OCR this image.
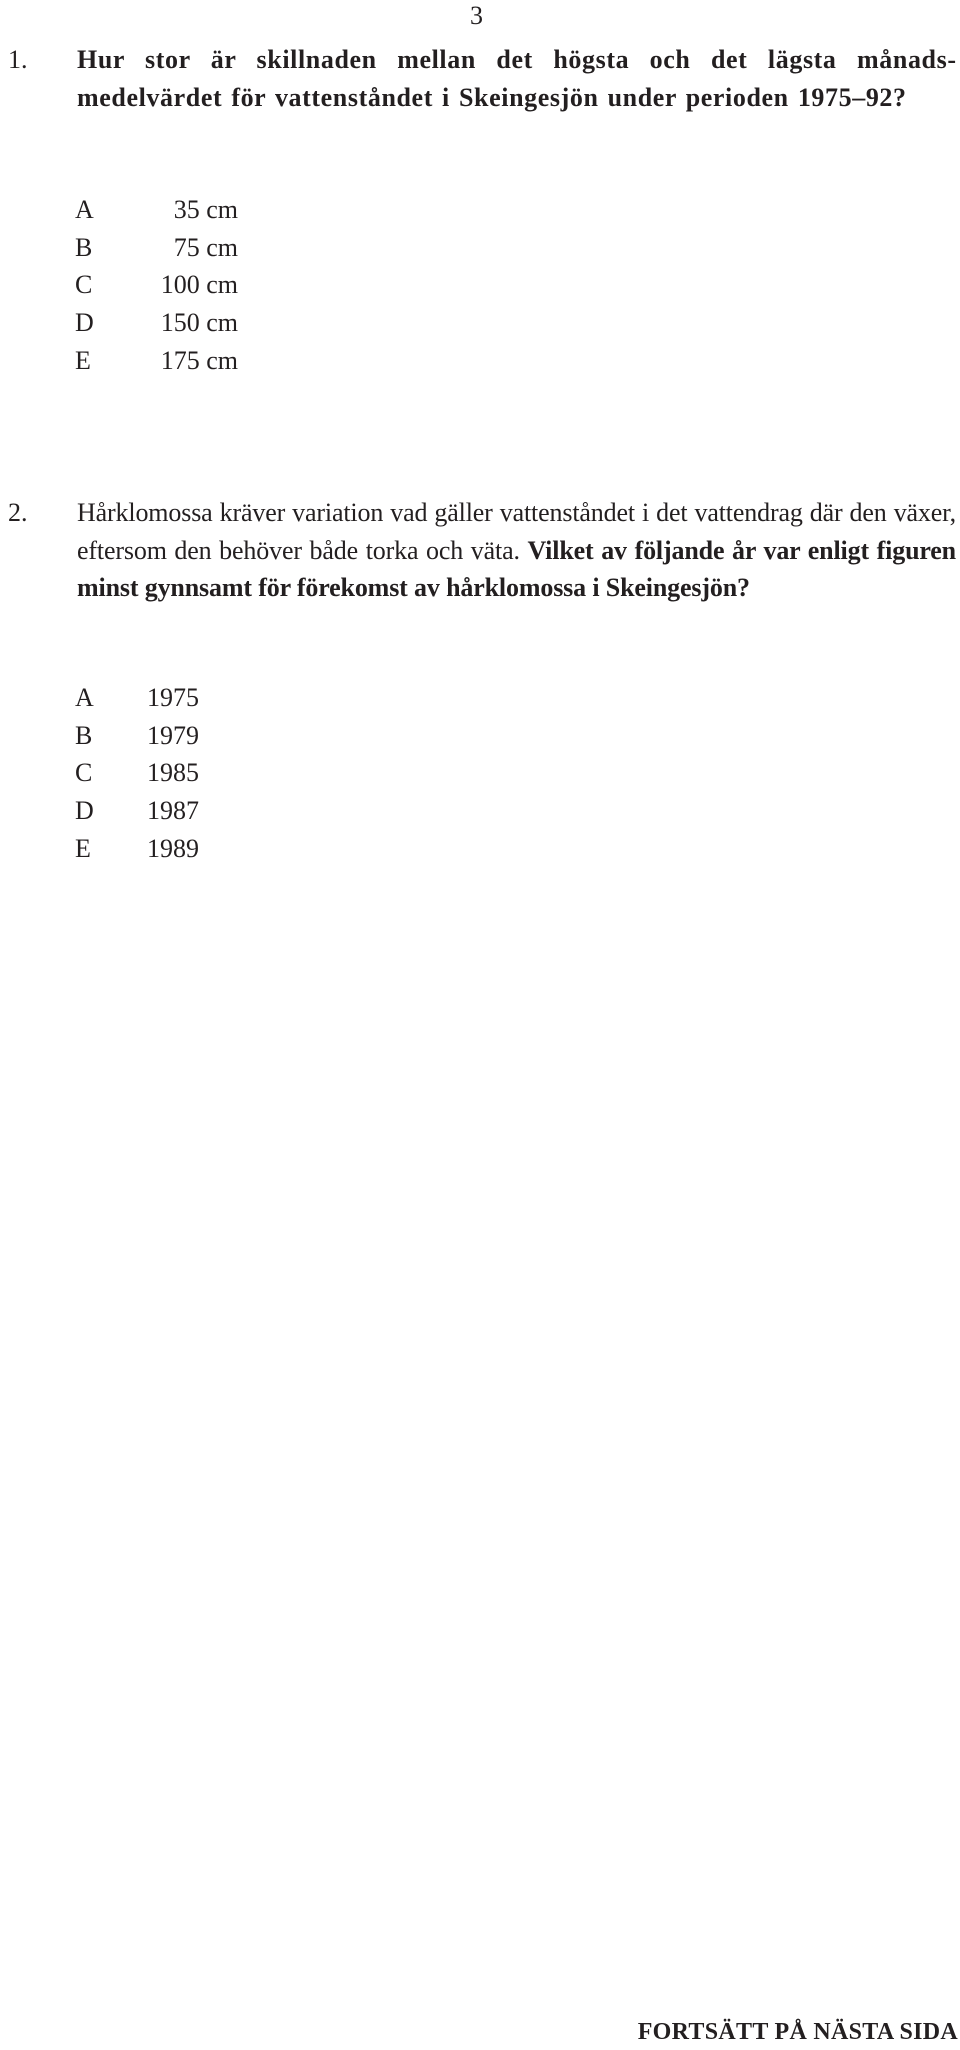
3
1. Hur stor är skillnaden mellan det högsta och det lägsta månadsmedelvärdet för vattenståndet i Skeingesjön under perioden 1975–92?
A	35 cm
B	75 cm
C	100 cm
D	150 cm
E	175 cm
2. Hårklomossa kräver variation vad gäller vattenståndet i det vattendrag där den växer, eftersom den behöver både torka och väta. Vilket av följande år var enligt figuren minst gynnsamt för förekomst av hårklomossa i Skeingesjön?
A	1975
B	1979
C	1985
D	1987
E	1989
FORTSÄTT PÅ NÄSTA SIDA
